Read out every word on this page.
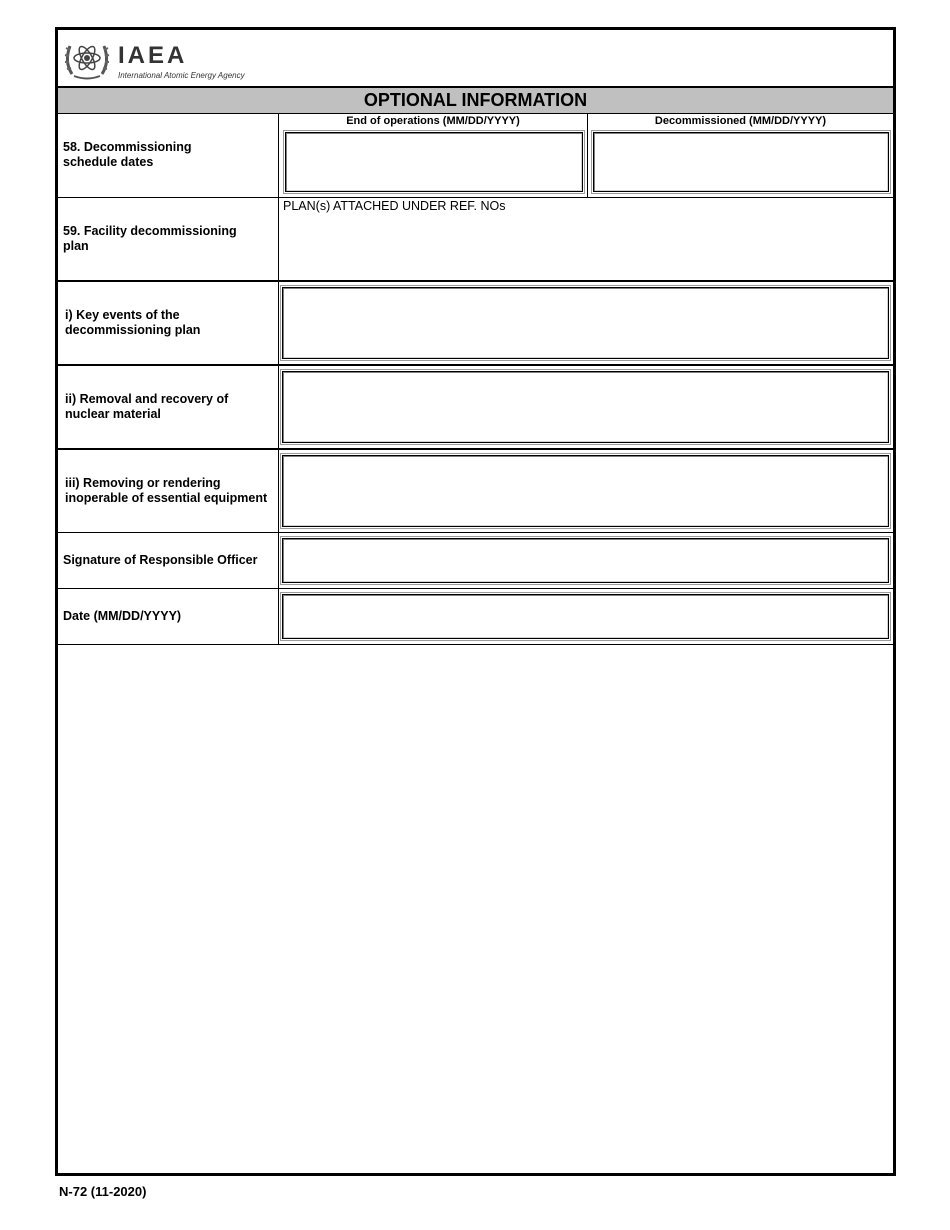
IAEA
International Atomic Energy Agency
OPTIONAL INFORMATION
58. Decommissioning
schedule dates
End of operations (MM/DD/YYYY)	Decommissioned (MM/DD/YYYY)
59. Facility decommissioning
plan
PLAN(s) ATTACHED UNDER REF. NOs
i) Key events of the
decommissioning plan
ii) Removal and recovery of
nuclear material
iii) Removing or rendering
inoperable of essential equipment
Signature of Responsible Officer
Date (MM/DD/YYYY)
N-72 (11-2020)
